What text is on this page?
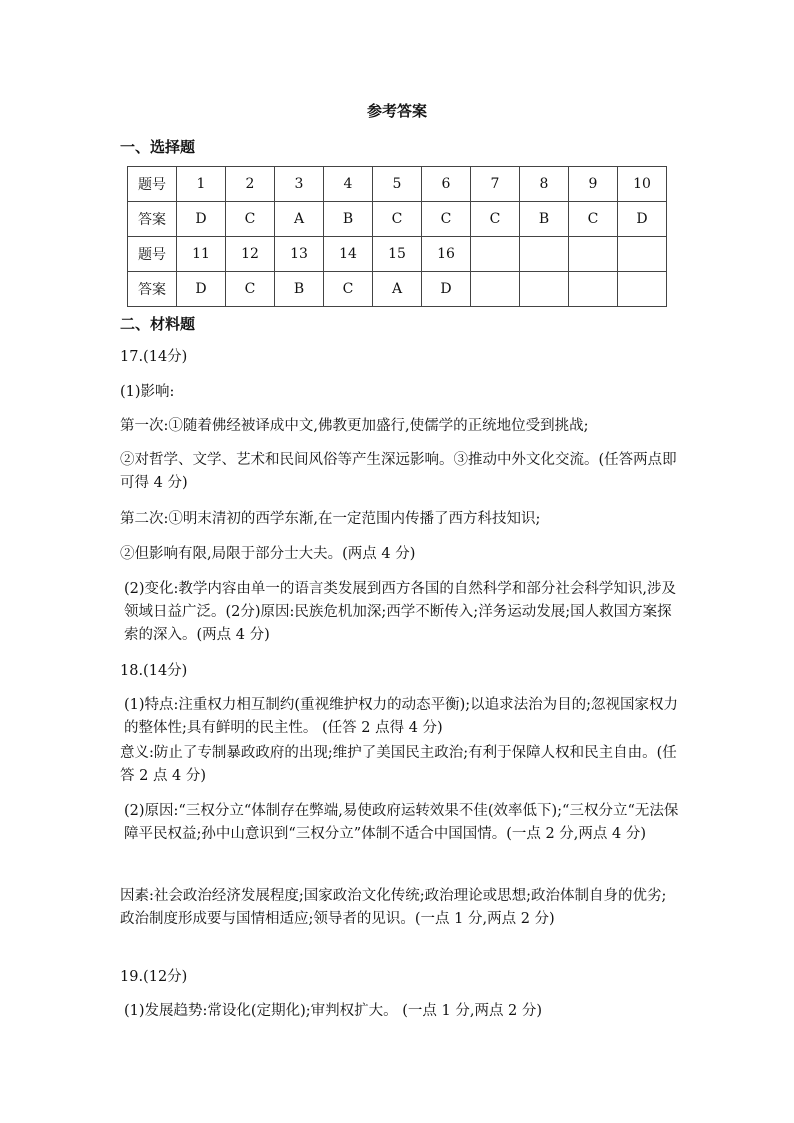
参考答案
一、选择题
题号	1	2	3	4	5	6	7	8	9	10
答案	D	C	A	B	C	C	C	B	C	D
题号	11	12	13	14	15	16				
答案	D	C	B	C	A	D				
二、材料题

17.(14分)

(1)影响:

第一次:①随着佛经被译成中文,佛教更加盛行,使儒学的正统地位受到挑战;

②对哲学、文学、艺术和民间风俗等产生深远影响。③推动中外文化交流。(任答两点即可得 4 分)

第二次:①明末清初的西学东渐,在一定范围内传播了西方科技知识;

②但影响有限,局限于部分士大夫。(两点 4 分)

(2)变化:教学内容由单一的语言类发展到西方各国的自然科学和部分社会科学知识,涉及领域日益广泛。(2分)原因:民族危机加深;西学不断传入;洋务运动发展;国人救国方案探索的深入。(两点 4 分)

18.(14分)

(1)特点:注重权力相互制约(重视维护权力的动态平衡);以追求法治为目的;忽视国家权力的整体性;具有鲜明的民主性。 (任答 2 点得 4 分)

意义:防止了专制暴政政府的出现;维护了美国民主政治;有利于保障人权和民主自由。(任答 2 点 4 分)

(2)原因:“三权分立“体制存在弊端,易使政府运转效果不佳(效率低下);“三权分立“无法保障平民权益;孙中山意识到“三权分立”体制不适合中国国情。(一点 2 分,两点 4 分)

因素:社会政治经济发展程度;国家政治文化传统;政治理论或思想;政治体制自身的优劣;政治制度形成要与国情相适应;领导者的见识。(一点 1 分,两点 2 分)

19.(12分)

(1)发展趋势:常设化(定期化);审判权扩大。 (一点 1 分,两点 2 分)
